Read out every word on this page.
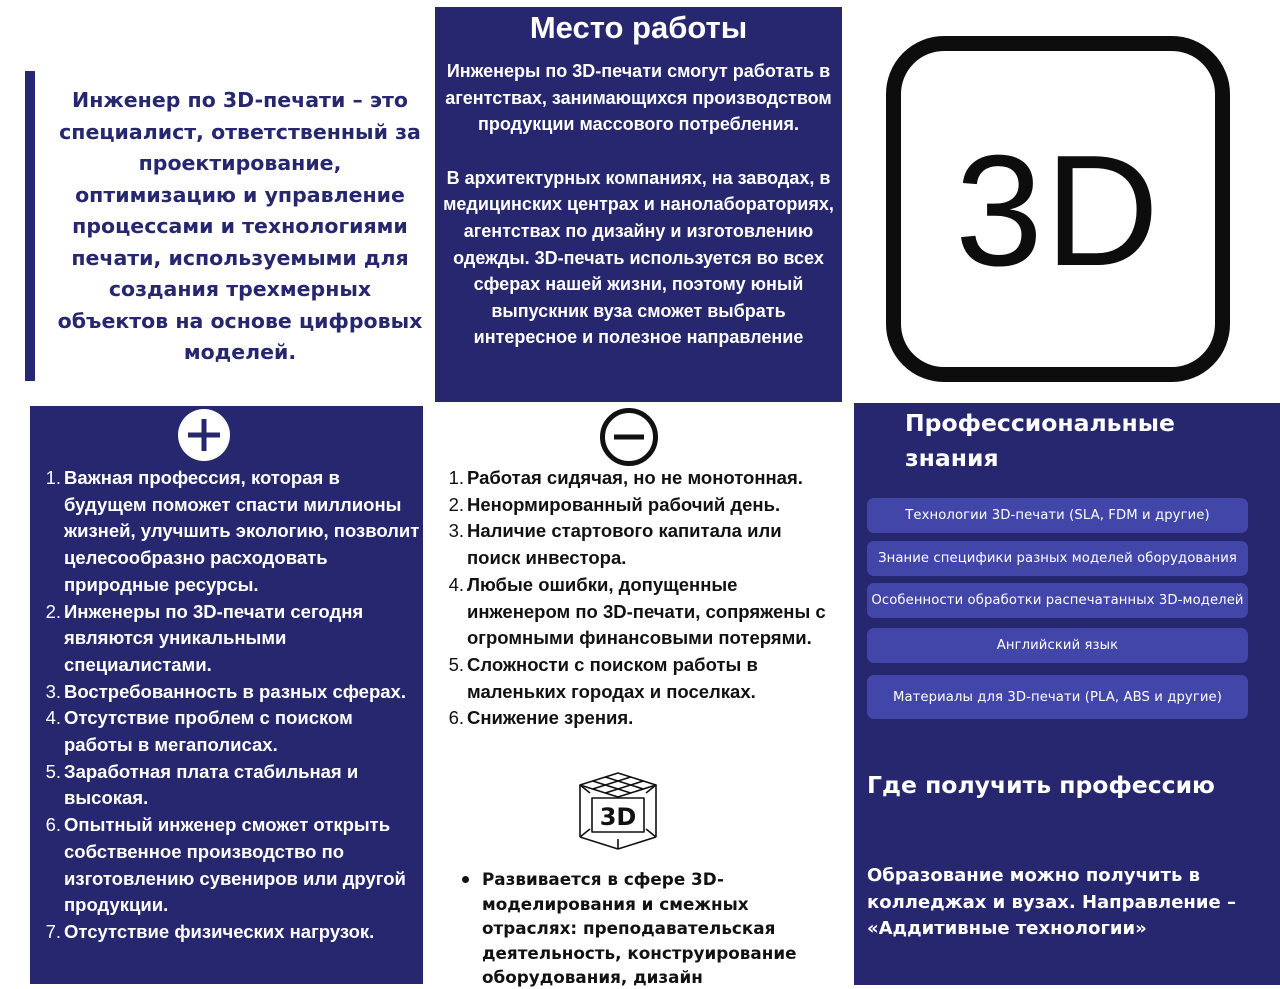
Инженер по 3D-печати – это специалист, ответственный за проектирование, оптимизацию и управление процессами и технологиями печати, используемыми для создания трехмерных объектов на основе цифровых моделей.

Место работы

Инженеры по 3D-печати смогут работать в агентствах, занимающихся производством продукции массового потребления.

В архитектурных компаниях, на заводах, в медицинских центрах и нанолабораториях, агентствах по дизайну и изготовлению одежды. 3D-печать используется во всех сферах нашей жизни, поэтому юный выпускник вуза сможет выбрать интересное и полезное направление

3D
1. Важная профессия, которая в будущем поможет спасти миллионы жизней, улучшить экологию, позволит целесообразно расходовать природные ресурсы.
2. Инженеры по 3D-печати сегодня являются уникальными специалистами.
3. Востребованность в разных сферах.
4. Отсутствие проблем с поиском работы в мегаполисах.
5. Заработная плата стабильная и высокая.
6. Опытный инженер сможет открыть собственное производство по изготовлению сувениров или другой продукции.
7. Отсутствие физических нагрузок.
1. Работая сидячая, но не монотонная.
2. Ненормированный рабочий день.
3. Наличие стартового капитала или поиск инвестора.
4. Любые ошибки, допущенные инженером по 3D-печати, сопряжены с огромными финансовыми потерями.
5. Сложности с поиском работы в маленьких городах и поселках.
6. Снижение зрения.
3D
Развивается в сфере 3D-моделирования и смежных отраслях: преподавательская деятельность, конструирование оборудования, дизайн
Профессиональные знания
Технологии 3D-печати (SLA, FDM и другие)
Знание специфики разных моделей оборудования
Особенности обработки распечатанных 3D-моделей
Английский язык
Материалы для 3D-печати (PLA, ABS и другие)
Где получить профессию

Образование можно получить в колледжах и вузах. Направление – «Аддитивные технологии»
